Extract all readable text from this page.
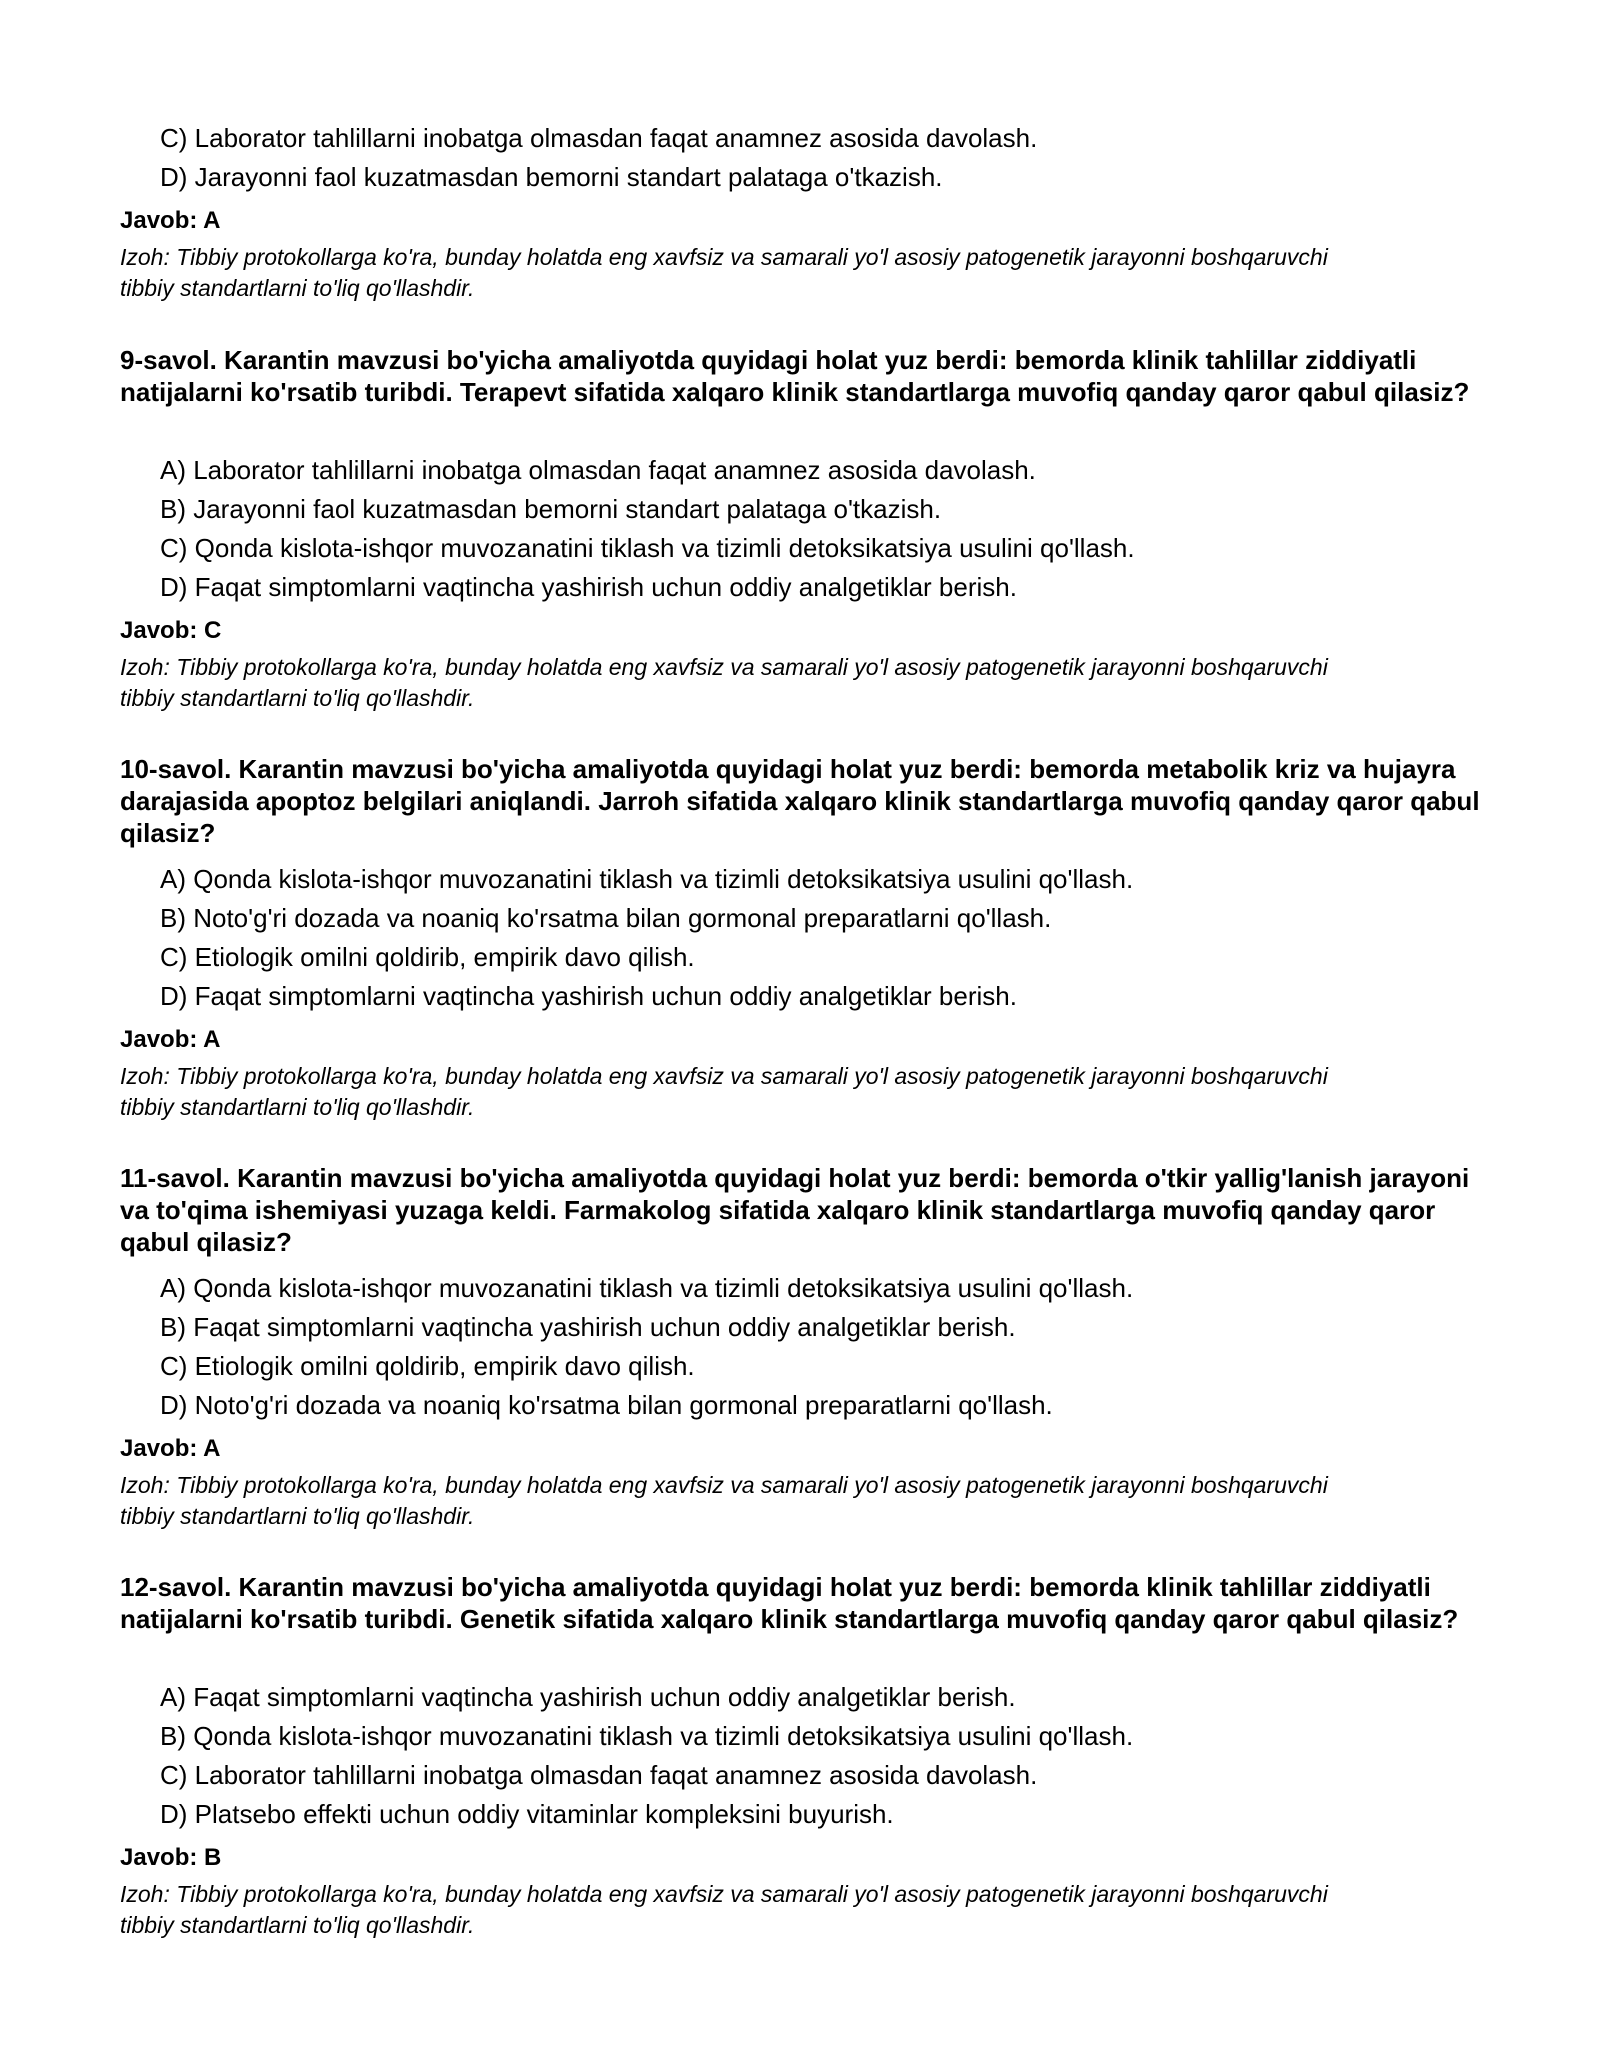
C) Laborator tahlillarni inobatga olmasdan faqat anamnez asosida davolash.

D) Jarayonni faol kuzatmasdan bemorni standart palataga o'tkazish.

Javob: A

Izoh: Tibbiy protokollarga ko'ra, bunday holatda eng xavfsiz va samarali yo'l asosiy patogenetik jarayonni boshqaruvchi tibbiy standartlarni to'liq qo'llashdir.

9-savol. Karantin mavzusi bo'yicha amaliyotda quyidagi holat yuz berdi: bemorda klinik tahlillar ziddiyatli natijalarni ko'rsatib turibdi. Terapevt sifatida xalqaro klinik standartlarga muvofiq qanday qaror qabul qilasiz?

A) Laborator tahlillarni inobatga olmasdan faqat anamnez asosida davolash.

B) Jarayonni faol kuzatmasdan bemorni standart palataga o'tkazish.

C) Qonda kislota-ishqor muvozanatini tiklash va tizimli detoksikatsiya usulini qo'llash.

D) Faqat simptomlarni vaqtincha yashirish uchun oddiy analgetiklar berish.

Javob: C

Izoh: Tibbiy protokollarga ko'ra, bunday holatda eng xavfsiz va samarali yo'l asosiy patogenetik jarayonni boshqaruvchi tibbiy standartlarni to'liq qo'llashdir.

10-savol. Karantin mavzusi bo'yicha amaliyotda quyidagi holat yuz berdi: bemorda metabolik kriz va hujayra darajasida apoptoz belgilari aniqlandi. Jarroh sifatida xalqaro klinik standartlarga muvofiq qanday qaror qabul qilasiz?

A) Qonda kislota-ishqor muvozanatini tiklash va tizimli detoksikatsiya usulini qo'llash.

B) Noto'g'ri dozada va noaniq ko'rsatma bilan gormonal preparatlarni qo'llash.

C) Etiologik omilni qoldirib, empirik davo qilish.

D) Faqat simptomlarni vaqtincha yashirish uchun oddiy analgetiklar berish.

Javob: A

Izoh: Tibbiy protokollarga ko'ra, bunday holatda eng xavfsiz va samarali yo'l asosiy patogenetik jarayonni boshqaruvchi tibbiy standartlarni to'liq qo'llashdir.

11-savol. Karantin mavzusi bo'yicha amaliyotda quyidagi holat yuz berdi: bemorda o'tkir yallig'lanish jarayoni va to'qima ishemiyasi yuzaga keldi. Farmakolog sifatida xalqaro klinik standartlarga muvofiq qanday qaror qabul qilasiz?

A) Qonda kislota-ishqor muvozanatini tiklash va tizimli detoksikatsiya usulini qo'llash.

B) Faqat simptomlarni vaqtincha yashirish uchun oddiy analgetiklar berish.

C) Etiologik omilni qoldirib, empirik davo qilish.

D) Noto'g'ri dozada va noaniq ko'rsatma bilan gormonal preparatlarni qo'llash.

Javob: A

Izoh: Tibbiy protokollarga ko'ra, bunday holatda eng xavfsiz va samarali yo'l asosiy patogenetik jarayonni boshqaruvchi tibbiy standartlarni to'liq qo'llashdir.

12-savol. Karantin mavzusi bo'yicha amaliyotda quyidagi holat yuz berdi: bemorda klinik tahlillar ziddiyatli natijalarni ko'rsatib turibdi. Genetik sifatida xalqaro klinik standartlarga muvofiq qanday qaror qabul qilasiz?

A) Faqat simptomlarni vaqtincha yashirish uchun oddiy analgetiklar berish.

B) Qonda kislota-ishqor muvozanatini tiklash va tizimli detoksikatsiya usulini qo'llash.

C) Laborator tahlillarni inobatga olmasdan faqat anamnez asosida davolash.

D) Platsebo effekti uchun oddiy vitaminlar kompleksini buyurish.

Javob: B

Izoh: Tibbiy protokollarga ko'ra, bunday holatda eng xavfsiz va samarali yo'l asosiy patogenetik jarayonni boshqaruvchi tibbiy standartlarni to'liq qo'llashdir.
